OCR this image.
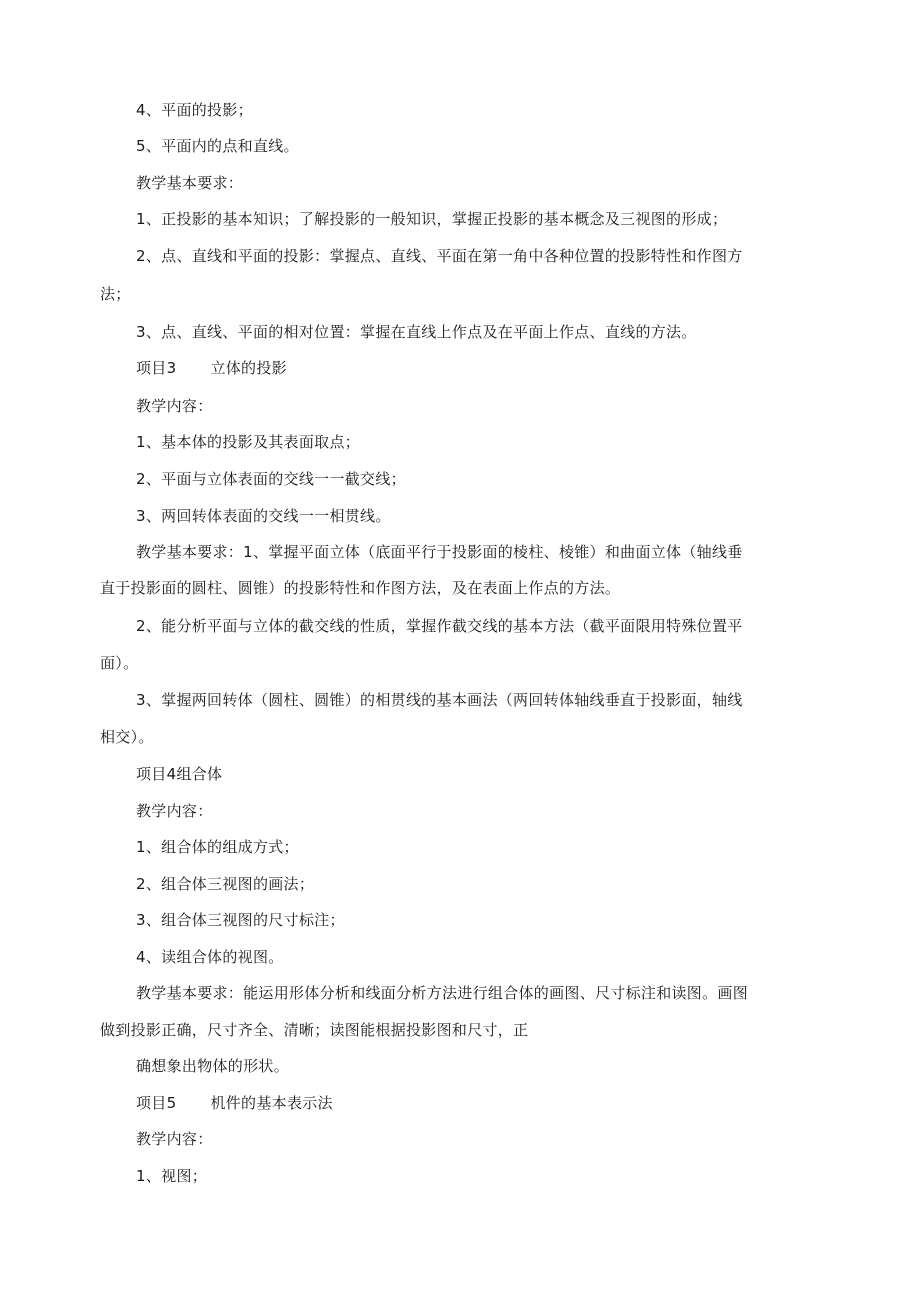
4、平面的投影；
5、平面内的点和直线。
教学基本要求：
1、正投影的基本知识；了解投影的一般知识，掌握正投影的基本概念及三视图的形成；
2、点、直线和平面的投影：掌握点、直线、平面在第一角中各种位置的投影特性和作图方
法；
3、点、直线、平面的相对位置：掌握在直线上作点及在平面上作点、直线的方法。
项目3 立体的投影
教学内容：
1、基本体的投影及其表面取点；
2、平面与立体表面的交线一一截交线；
3、两回转体表面的交线一一相贯线。
教学基本要求：1、掌握平面立体（底面平行于投影面的棱柱、棱锥）和曲面立体（轴线垂
直于投影面的圆柱、圆锥）的投影特性和作图方法，及在表面上作点的方法。
2、能分析平面与立体的截交线的性质，掌握作截交线的基本方法（截平面限用特殊位置平
面）。
3、掌握两回转体（圆柱、圆锥）的相贯线的基本画法（两回转体轴线垂直于投影面，轴线
相交）。
项目4组合体
教学内容：
1、组合体的组成方式；
2、组合体三视图的画法；
3、组合体三视图的尺寸标注；
4、读组合体的视图。
教学基本要求：能运用形体分析和线面分析方法进行组合体的画图、尺寸标注和读图。画图
做到投影正确，尺寸齐全、清晰；读图能根据投影图和尺寸，正
确想象出物体的形状。
项目5 机件的基本表示法
教学内容：
1、视图；
